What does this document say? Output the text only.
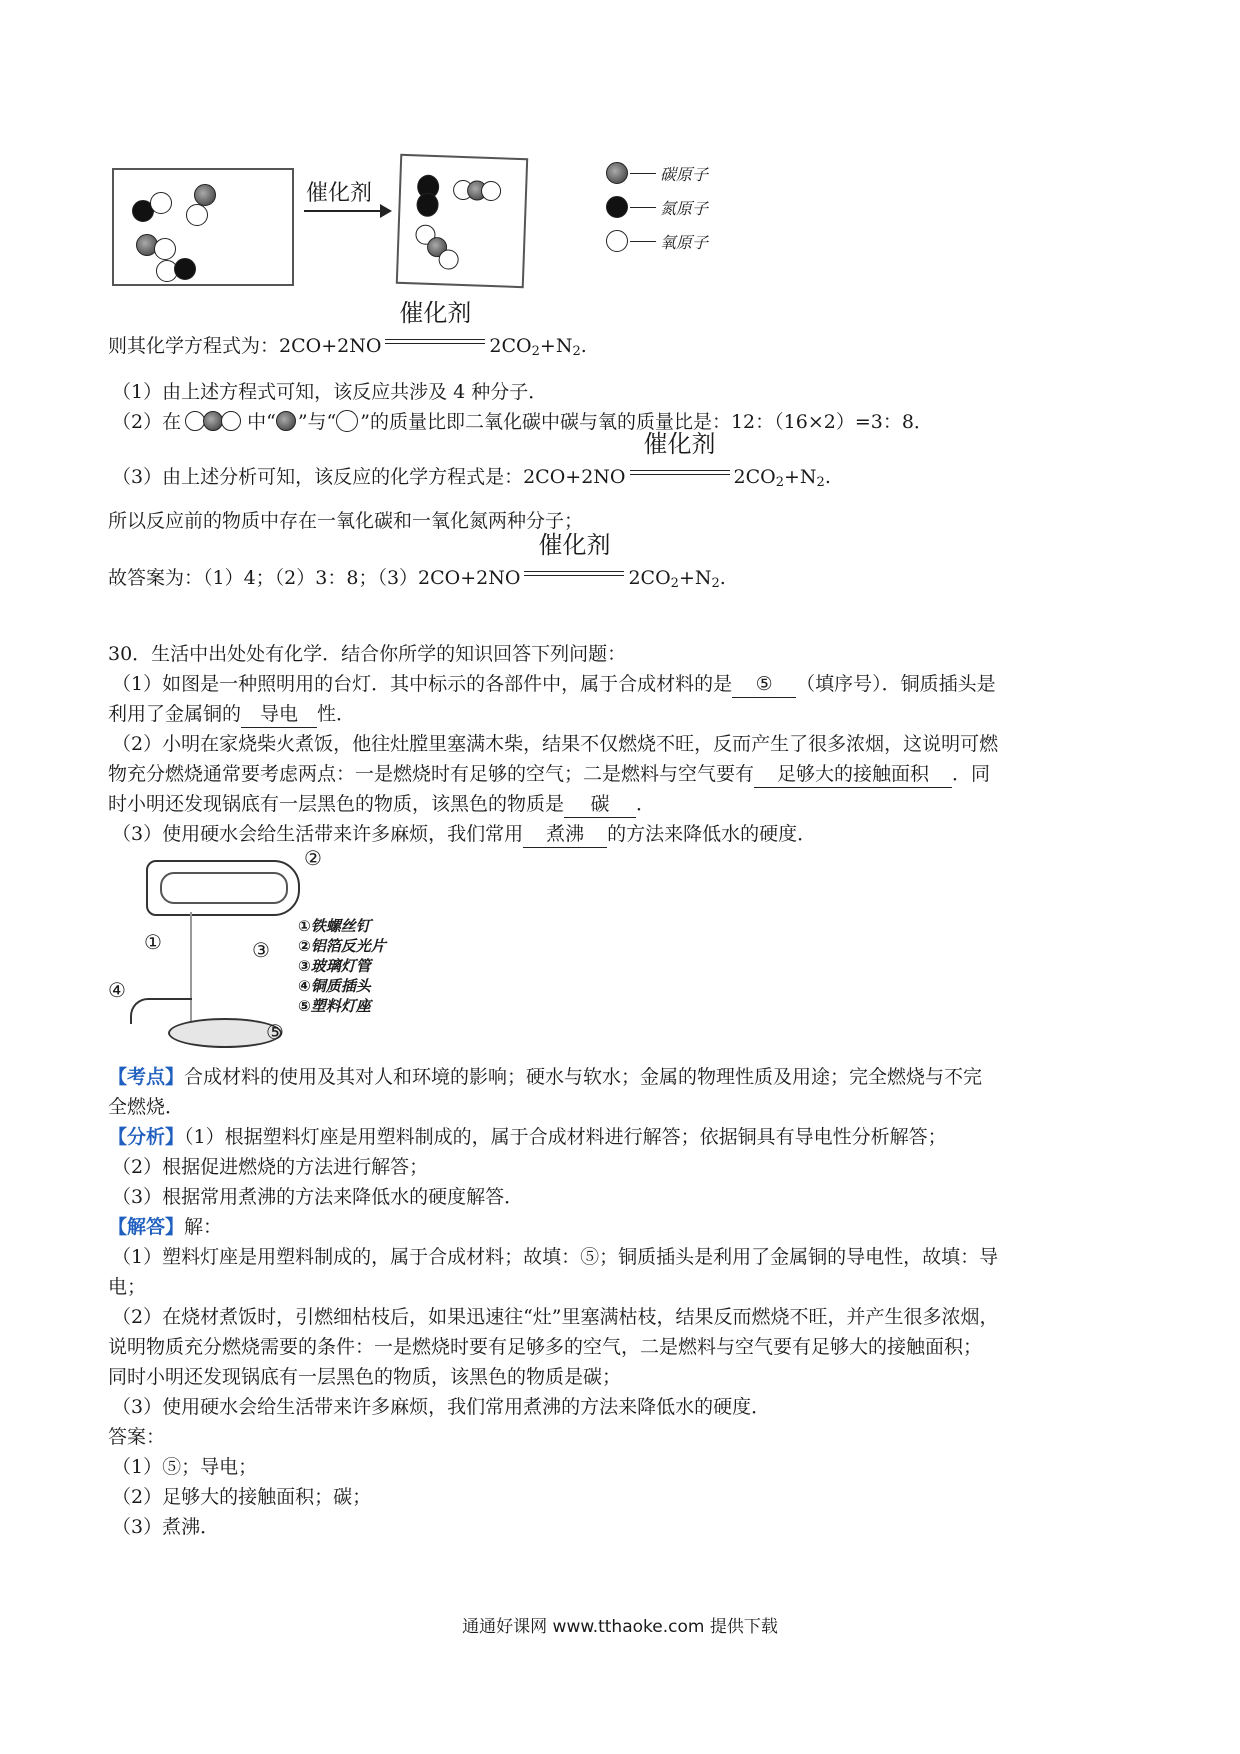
催化剂
碳原子
氮原子
氧原子
则其化学方程式为：2CO+2NO
催化剂
$2CO_2+N_2$.
（1）由上述方程式可知，该反应共涉及 4 种分子．
（2）在	中“ ”与“ ”的质量比即二氧化碳中碳与氧的质量比是：12：（16×2）=3：8．
（3）由上述分析可知，该反应的化学方程式是：2CO+2NO
催化剂
$2CO_2+N_2$.
所以反应前的物质中存在一氧化碳和一氧化氮两种分子；
故答案为：（1）4；（2）3：8；（3）2CO+2NO
催化剂
$2CO_2+N_2$.
30．生活中出处处有化学．结合你所学的知识回答下列问题：
（1）如图是一种照明用的台灯．其中标示的各部件中，属于合成材料的是 ⑤ （填序号）．铜质插头是
利用了金属铜的 导电 性．
（2）小明在家烧柴火煮饭，他往灶膛里塞满木柴，结果不仅燃烧不旺，反而产生了很多浓烟，这说明可燃
物充分燃烧通常要考虑两点：一是燃烧时有足够的空气；二是燃料与空气要有 足够大的接触面积 ．同
时小明还发现锅底有一层黑色的物质，该黑色的物质是 碳 ．
（3）使用硬水会给生活带来许多麻烦，我们常用 煮沸 的方法来降低水的硬度．
①
②
③
④
⑤
①铁螺丝钉
②铝箔反光片
③玻璃灯管
④铜质插头
⑤塑料灯座
【考点】合成材料的使用及其对人和环境的影响；硬水与软水；金属的物理性质及用途；完全燃烧与不完
全燃烧．
【分析】（1）根据塑料灯座是用塑料制成的，属于合成材料进行解答；依据铜具有导电性分析解答；
（2）根据促进燃烧的方法进行解答；
（3）根据常用煮沸的方法来降低水的硬度解答．
【解答】解：
（1）塑料灯座是用塑料制成的，属于合成材料；故填：⑤；铜质插头是利用了金属铜的导电性，故填：导
电；
（2）在烧材煮饭时，引燃细枯枝后，如果迅速往“灶”里塞满枯枝，结果反而燃烧不旺，并产生很多浓烟，
说明物质充分燃烧需要的条件：一是燃烧时要有足够多的空气，二是燃料与空气要有足够大的接触面积；
同时小明还发现锅底有一层黑色的物质，该黑色的物质是碳；
（3）使用硬水会给生活带来许多麻烦，我们常用煮沸的方法来降低水的硬度．
答案：
（1）⑤；导电；
（2）足够大的接触面积；碳；
（3）煮沸．
通通好课网 www.tthaoke.com 提供下载
